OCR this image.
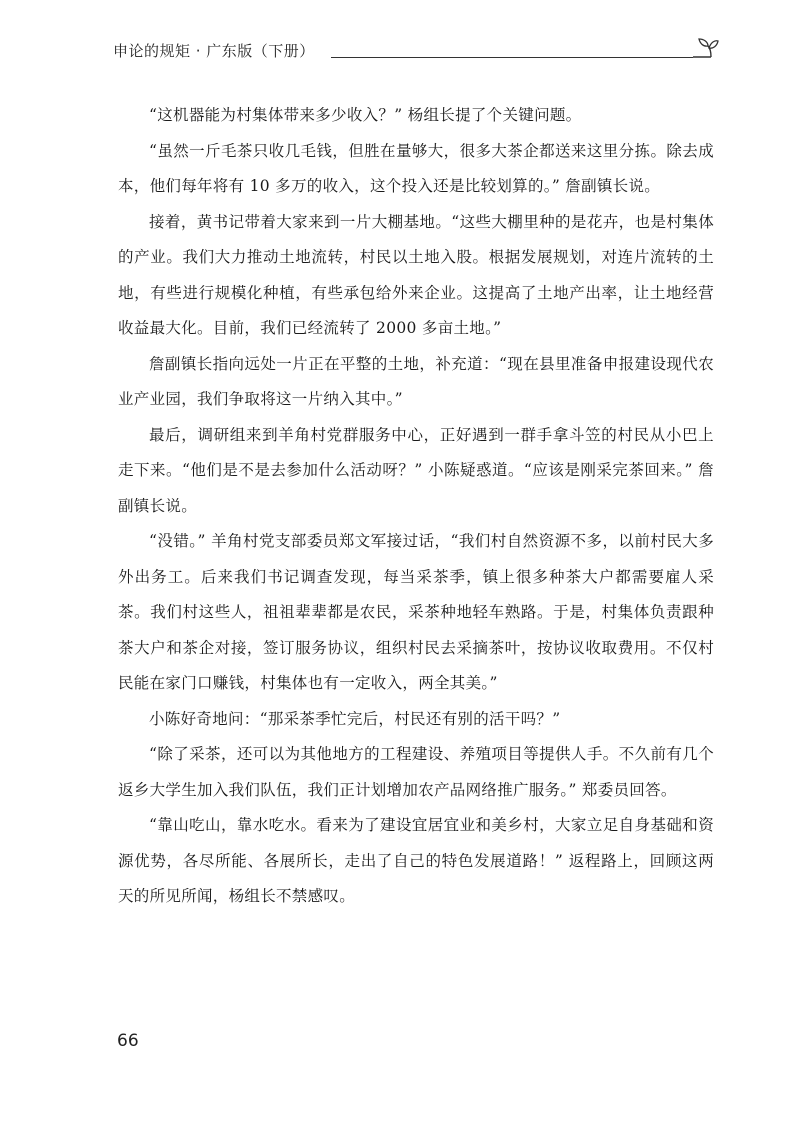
申论的规矩 · 广东版（下册）

“这机器能为村集体带来多少收入？” 杨组长提了个关键问题。

“虽然一斤毛茶只收几毛钱，但胜在量够大，很多大茶企都送来这里分拣。除去成本，他们每年将有 10 多万的收入，这个投入还是比较划算的。” 詹副镇长说。

接着，黄书记带着大家来到一片大棚基地。“这些大棚里种的是花卉，也是村集体的产业。我们大力推动土地流转，村民以土地入股。根据发展规划，对连片流转的土地，有些进行规模化种植，有些承包给外来企业。这提高了土地产出率，让土地经营收益最大化。目前，我们已经流转了 2000 多亩土地。”

詹副镇长指向远处一片正在平整的土地，补充道：“现在县里准备申报建设现代农业产业园，我们争取将这一片纳入其中。”

最后，调研组来到羊角村党群服务中心，正好遇到一群手拿斗笠的村民从小巴上走下来。“他们是不是去参加什么活动呀？” 小陈疑惑道。“应该是刚采完茶回来。” 詹副镇长说。

“没错。” 羊角村党支部委员郑文军接过话，“我们村自然资源不多，以前村民大多外出务工。后来我们书记调查发现，每当采茶季，镇上很多种茶大户都需要雇人采茶。我们村这些人，祖祖辈辈都是农民，采茶种地轻车熟路。于是，村集体负责跟种茶大户和茶企对接，签订服务协议，组织村民去采摘茶叶，按协议收取费用。不仅村民能在家门口赚钱，村集体也有一定收入，两全其美。”

小陈好奇地问：“那采茶季忙完后，村民还有别的活干吗？”

“除了采茶，还可以为其他地方的工程建设、养殖项目等提供人手。不久前有几个返乡大学生加入我们队伍，我们正计划增加农产品网络推广服务。” 郑委员回答。

“靠山吃山，靠水吃水。看来为了建设宜居宜业和美乡村，大家立足自身基础和资源优势，各尽所能、各展所长，走出了自己的特色发展道路！” 返程路上，回顾这两天的所见所闻，杨组长不禁感叹。

66
